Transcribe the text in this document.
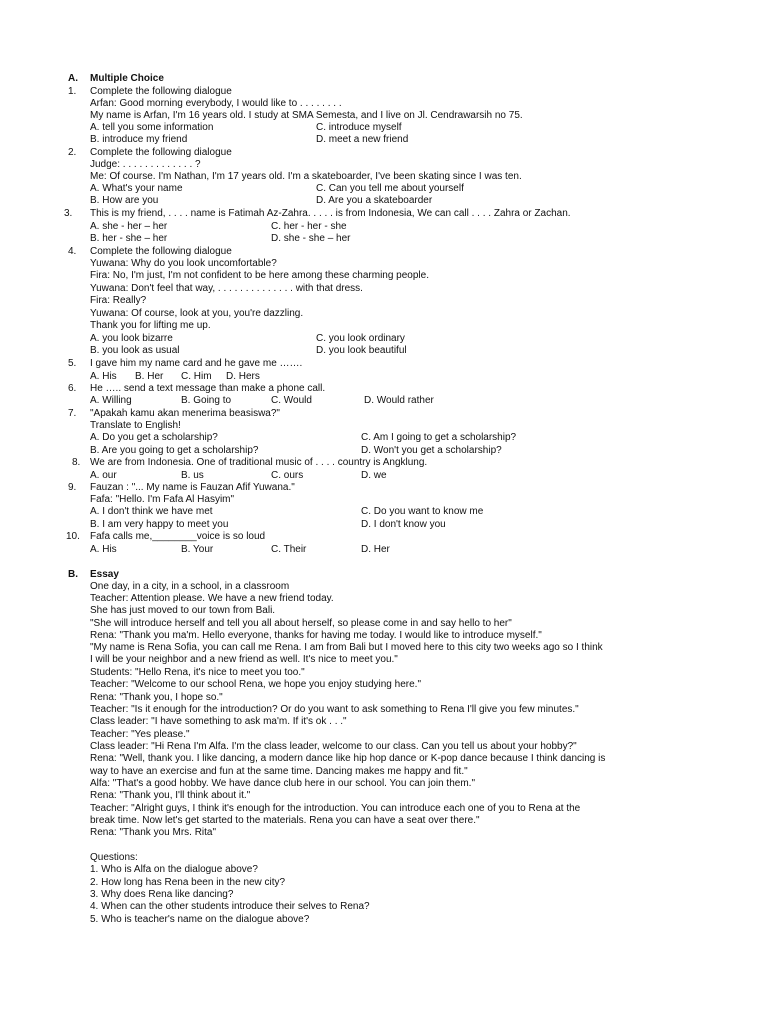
A. Multiple Choice
1. Complete the following dialogue
Arfan: Good morning everybody, I would like to . . . . . . . .
My name is Arfan, I'm 16 years old. I study at SMA Semesta, and I live on Jl. Cendrawarsih no 75.
A. tell you some information	C. introduce myself
B. introduce my friend	D. meet a new friend
2. Complete the following dialogue
Judge: . . . . . . . . . . . . . ?
Me: Of course. I'm Nathan, I'm 17 years old. I'm a skateboarder, I've been skating since I was ten.
A. What's your name	C. Can you tell me about yourself
B. How are you	D. Are you a skateboarder
3. This is my friend, . . . . name is Fatimah Az-Zahra. . . . . is from Indonesia, We can call . . . . Zahra or Zachan.
A. she - her – her	C. her - her - she
B. her - she – her	D. she - she – her
4. Complete the following dialogue
Yuwana: Why do you look uncomfortable?
Fira: No, I'm just, I'm not confident to be here among these charming people.
Yuwana: Don't feel that way, . . . . . . . . . . . . . . with that dress.
Fira: Really?
Yuwana: Of course, look at you, you're dazzling.
Thank you for lifting me up.
A. you look bizarre	C. you look ordinary
B. you look as usual	D. you look beautiful
5. I gave him my name card and he gave me …….
A. His B. Her C. Him D. Hers
6. He ….. send a text message than make a phone call.
A. Willing	B. Going to	C. Would	D. Would rather
7. "Apakah kamu akan menerima beasiswa?"
Translate to English!
A. Do you get a scholarship?	C. Am I going to get a scholarship?
B. Are you going to get a scholarship?	D. Won't you get a scholarship?
8. We are from Indonesia. One of traditional music of . . . . country is Angklung.
A. our	B. us	C. ours	D. we
9. Fauzan : "... My name is Fauzan Afif Yuwana."
Fafa: "Hello. I'm Fafa Al Hasyim"
A. I don't think we have met	C. Do you want to know me
B. I am very happy to meet you	D. I don't know you
10. Fafa calls me,________voice is so loud
A. His	B. Your	C. Their	D. Her
B. Essay
One day, in a city, in a school, in a classroom
Teacher: Attention please. We have a new friend today.
She has just moved to our town from Bali.
"She will introduce herself and tell you all about herself, so please come in and say hello to her"
Rena: "Thank you ma'm. Hello everyone, thanks for having me today. I would like to introduce myself."
"My name is Rena Sofia, you can call me Rena. I am from Bali but I moved here to this city two weeks ago so I think
I will be your neighbor and a new friend as well. It's nice to meet you."
Students: "Hello Rena, it's nice to meet you too."
Teacher: "Welcome to our school Rena, we hope you enjoy studying here."
Rena: "Thank you, I hope so."
Teacher: "Is it enough for the introduction? Or do you want to ask something to Rena I'll give you few minutes."
Class leader: "I have something to ask ma'm. If it's ok . . ."
Teacher: "Yes please."
Class leader: "Hi Rena I'm Alfa. I'm the class leader, welcome to our class. Can you tell us about your hobby?"
Rena: "Well, thank you. I like dancing, a modern dance like hip hop dance or K-pop dance because I think dancing is
way to have an exercise and fun at the same time. Dancing makes me happy and fit."
Alfa: "That's a good hobby. We have dance club here in our school. You can join them."
Rena: "Thank you, I'll think about it."
Teacher: "Alright guys, I think it's enough for the introduction. You can introduce each one of you to Rena at the
break time. Now let's get started to the materials. Rena you can have a seat over there."
Rena: "Thank you Mrs. Rita"
Questions:
1. Who is Alfa on the dialogue above?
2. How long has Rena been in the new city?
3. Why does Rena like dancing?
4. When can the other students introduce their selves to Rena?
5. Who is teacher's name on the dialogue above?
